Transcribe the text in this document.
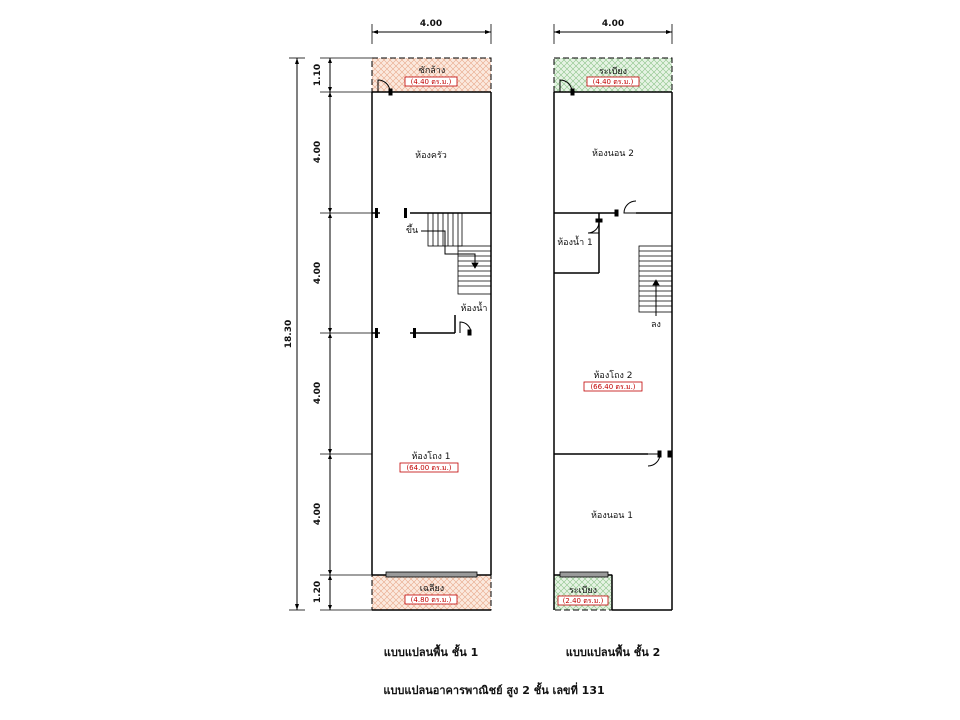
4.00
18.30
1.10
4.00
4.00
4.00
4.00
1.20
ซักล้าง
(4.40 ตร.ม.)
ห้องครัว
ขึ้น
ห้องน้ำ
ห้องโถง 1
(64.00 ตร.ม.)
เฉลียง
(4.80 ตร.ม.)
4.00
ระเบียง
(4.40 ตร.ม.)
ห้องนอน 2
ห้องน้ำ 1
ลง
ห้องโถง 2
(66.40 ตร.ม.)
ห้องนอน 1
ระเบียง
(2.40 ตร.ม.)
แบบแปลนพื้น ชั้น 1	แบบแปลนพื้น ชั้น 2
แบบแปลนอาคารพาณิชย์ สูง 2 ชั้น เลขที่ 131
